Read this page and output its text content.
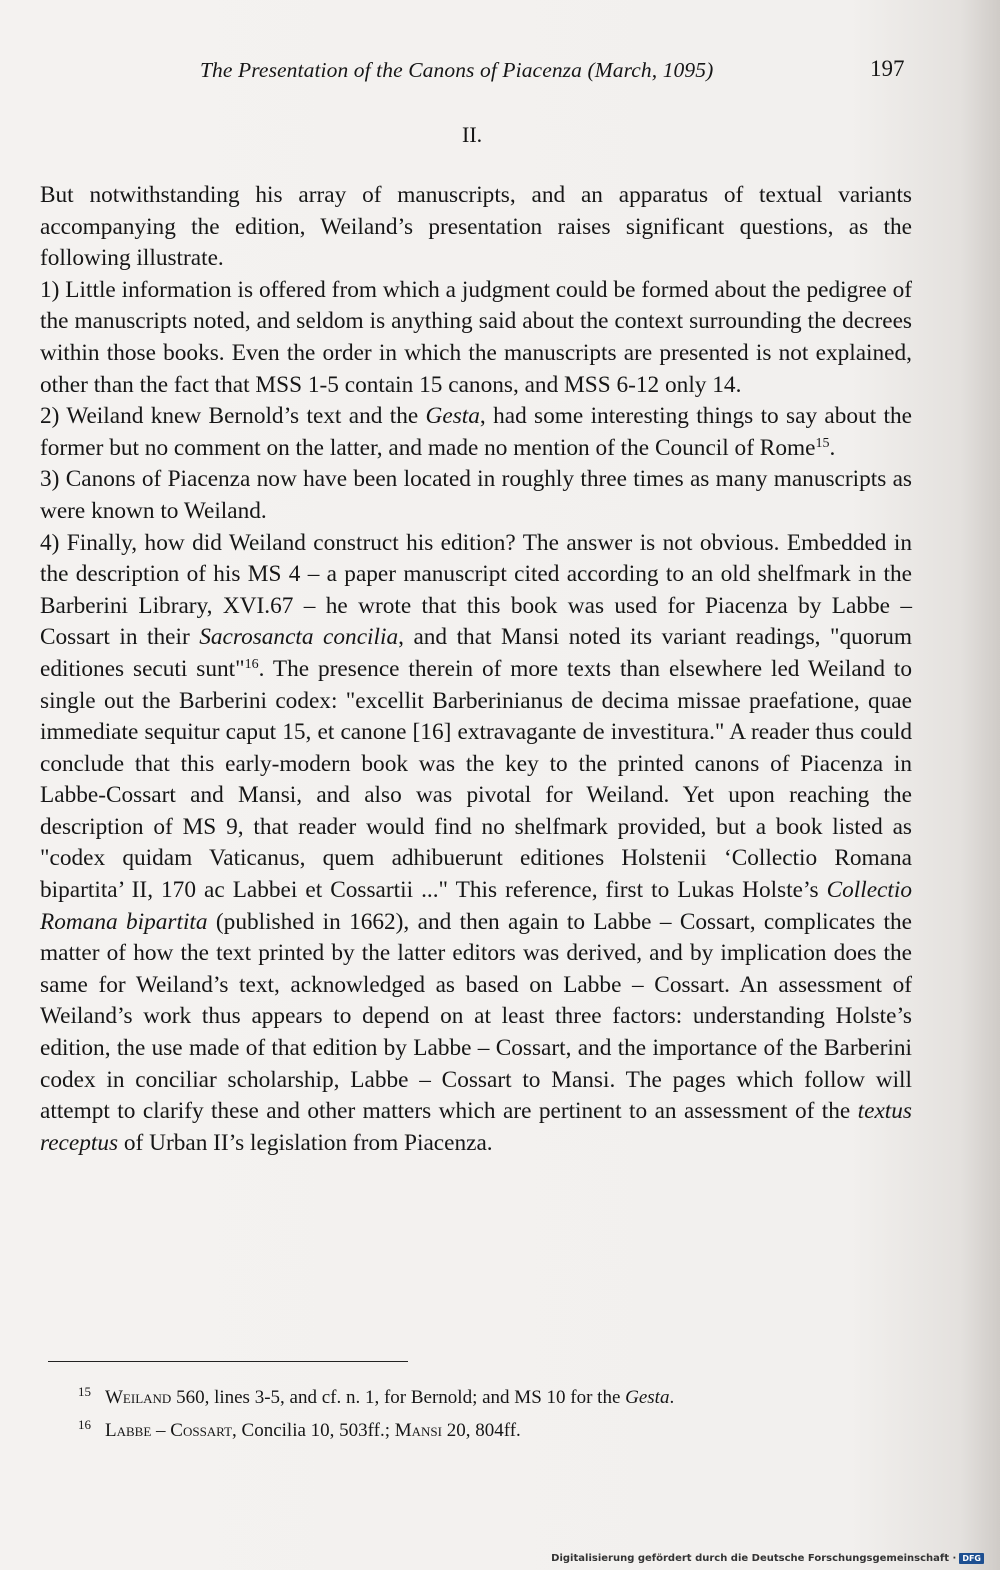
The Presentation of the Canons of Piacenza (March, 1095)	197
II.

But notwithstanding his array of manuscripts, and an apparatus of textual variants accompanying the edition, Weiland’s presentation raises significant questions, as the following illustrate.

1) Little information is offered from which a judgment could be formed about the pedigree of the manuscripts noted, and seldom is anything said about the context surrounding the decrees within those books. Even the order in which the manuscripts are presented is not explained, other than the fact that MSS 1-5 contain 15 canons, and MSS 6-12 only 14.

2) Weiland knew Bernold’s text and the Gesta, had some interesting things to say about the former but no comment on the latter, and made no mention of the Council of Rome$^{15}$.

3) Canons of Piacenza now have been located in roughly three times as many manuscripts as were known to Weiland.

4) Finally, how did Weiland construct his edition? The answer is not obvious. Embedded in the description of his MS 4 – a paper manuscript cited according to an old shelfmark in the Barberini Library, XVI.67 – he wrote that this book was used for Piacenza by Labbe – Cossart in their Sacrosancta concilia, and that Mansi noted its variant readings, "quorum editiones secuti sunt"$^{16}$. The presence therein of more texts than elsewhere led Weiland to single out the Barberini codex: "excellit Barberinianus de decima missae praefatione, quae immediate sequitur caput 15, et canone [16] extravagante de investitura." A reader thus could conclude that this early-modern book was the key to the printed canons of Piacenza in Labbe-Cossart and Mansi, and also was pivotal for Weiland. Yet upon reaching the description of MS 9, that reader would find no shelfmark provided, but a book listed as "codex quidam Vaticanus, quem adhibuerunt editiones Holstenii ‘Collectio Romana bipartita’ II, 170 ac Labbei et Cossartii ..." This reference, first to Lukas Holste’s Collectio Romana bipartita (published in 1662), and then again to Labbe – Cossart, complicates the matter of how the text printed by the latter editors was derived, and by implication does the same for Weiland’s text, acknowledged as based on Labbe – Cossart. An assessment of Weiland’s work thus appears to depend on at least three factors: understanding Holste’s edition, the use made of that edition by Labbe – Cossart, and the importance of the Barberini codex in conciliar scholarship, Labbe – Cossart to Mansi. The pages which follow will attempt to clarify these and other matters which are pertinent to an assessment of the textus receptus of Urban II’s legislation from Piacenza.

$^{15}$ Weiland 560, lines 3-5, and cf. n. 1, for Bernold; and MS 10 for the Gesta.

$^{16}$ Labbe – Cossart, Concilia 10, 503ff.; Mansi 20, 804ff.

Digitalisierung gefördert durch die Deutsche Forschungsgemeinschaft · DFG
